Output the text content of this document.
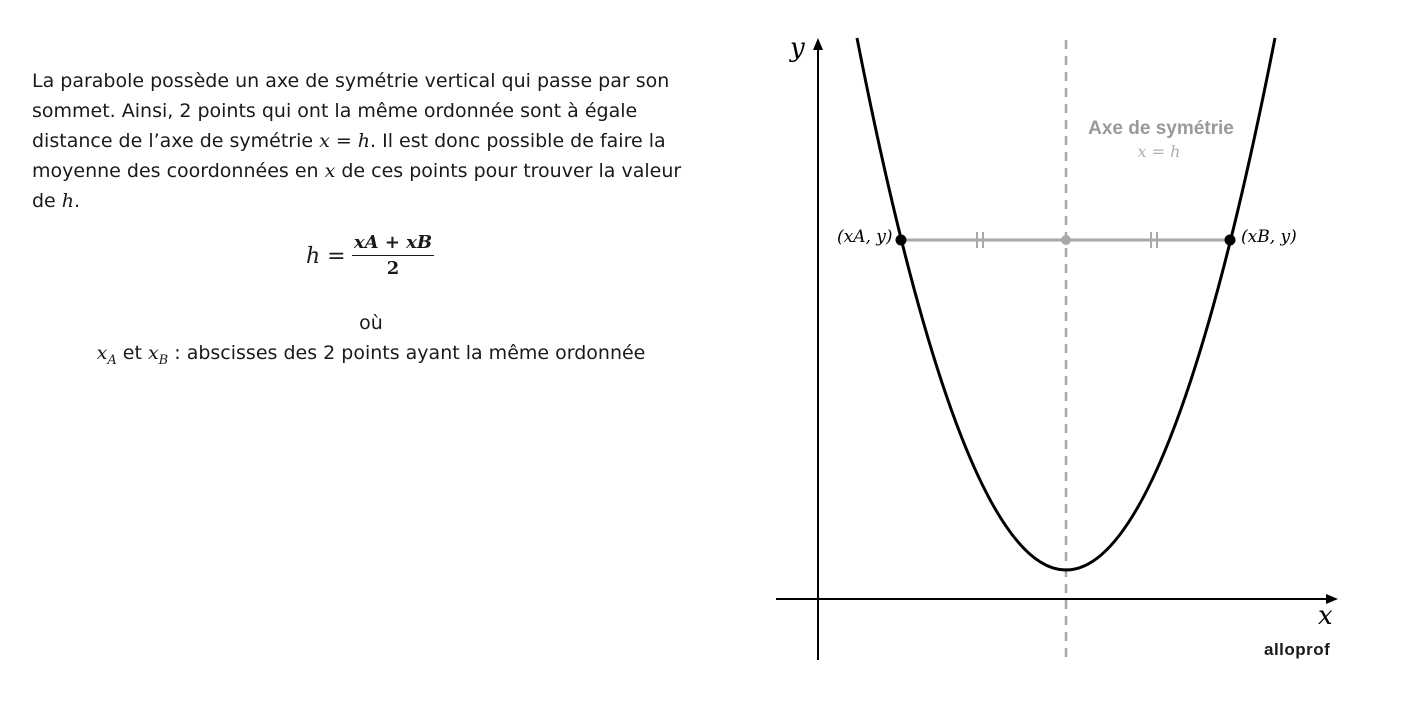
La parabole possède un axe de symétrie vertical qui passe par son
sommet. Ainsi, 2 points qui ont la même ordonnée sont à égale
distance de l’axe de symétrie x = h. Il est donc possible de faire la
moyenne des coordonnées en x de ces points pour trouver la valeur
de h.
h =
xA + xB
2
où
$x_A$ et $x_B$ : abscisses des 2 points ayant la même ordonnée
y
x
Axe de symétrie
x = h
(xA, y)	(xB, y)
alloprof
